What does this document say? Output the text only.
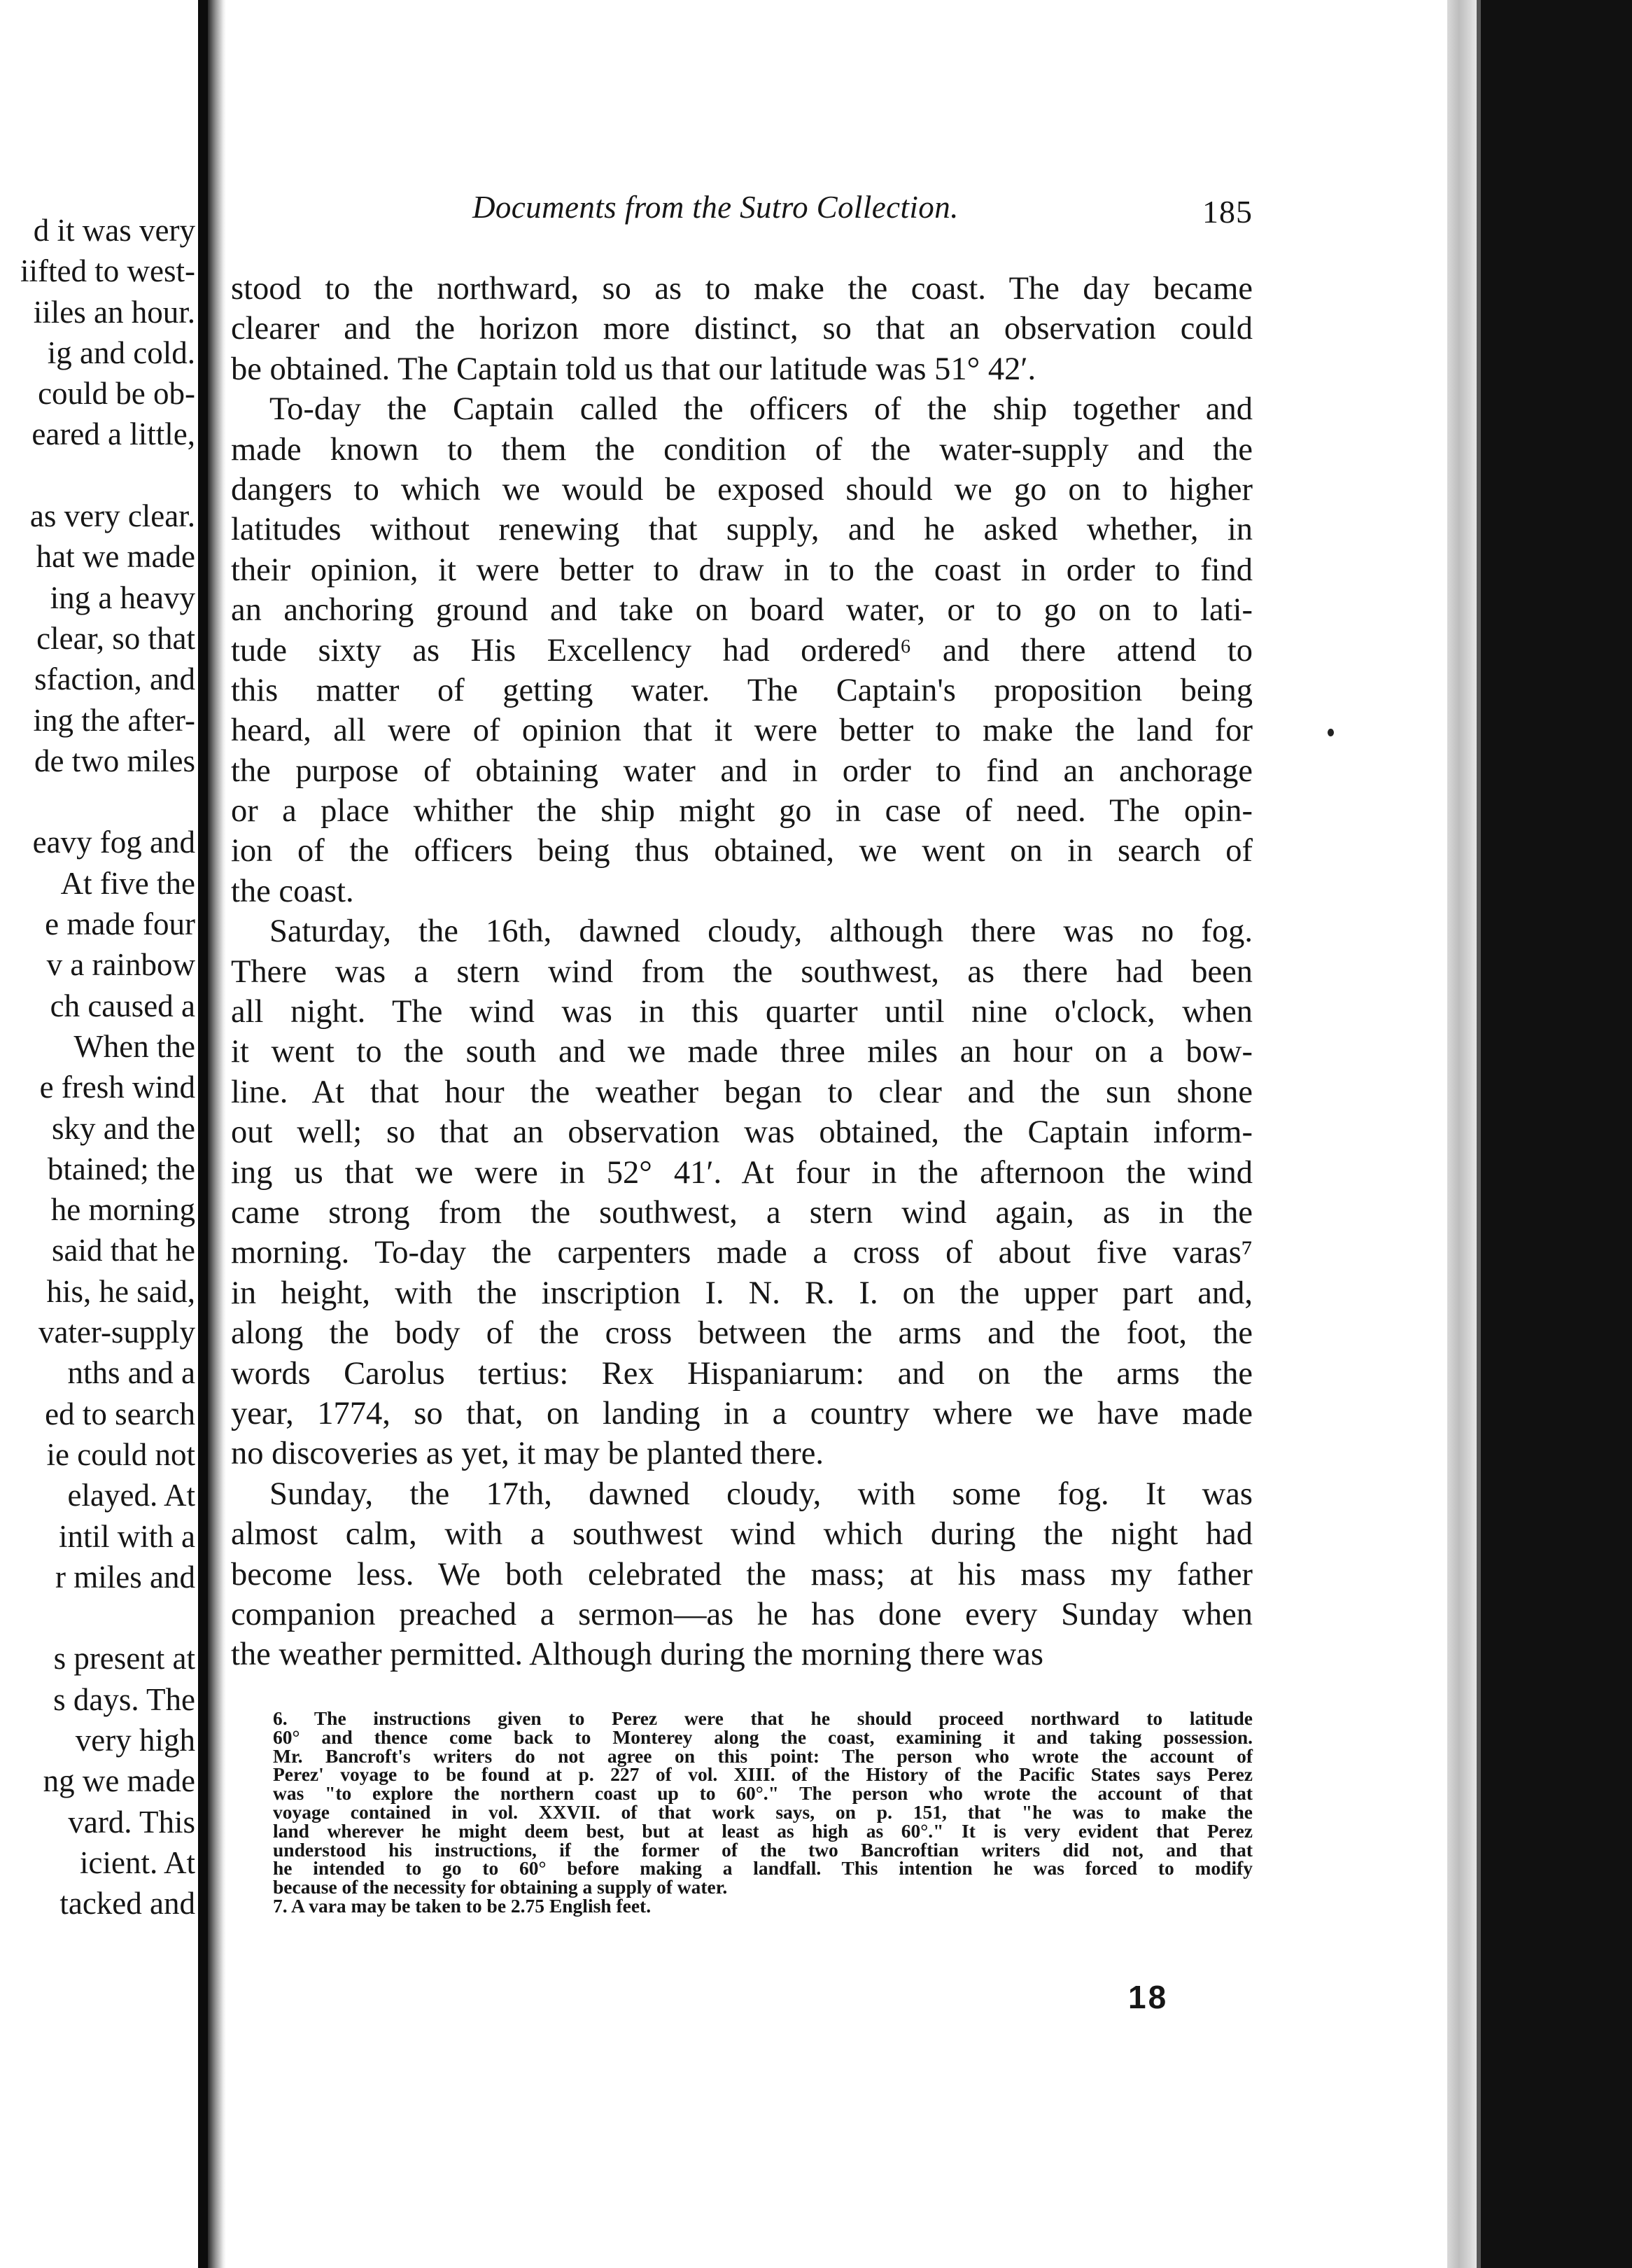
d it was very
iifted to west-
iiles an hour.
ig and cold.
could be ob-
eared a little,

as very clear.
hat we made
ing a heavy
clear, so that
sfaction, and
ing the after-
de two miles

eavy fog and
At five the
e made four
v a rainbow
ch caused a
When the
e fresh wind
sky and the
btained; the
he morning
said that he
his, he said,
vater-supply
nths and a
ed to search
ie could not
elayed. At
intil with a
r miles and

s present at
s days. The
very high
ng we made
vard. This
icient. At
tacked and
Documents from the Sutro Collection.	185
stood to the northward, so as to make the coast. The day became
clearer and the horizon more distinct, so that an observation could
be obtained. The Captain told us that our latitude was 51° 42′.
To-day the Captain called the officers of the ship together and
made known to them the condition of the water-supply and the
dangers to which we would be exposed should we go on to higher
latitudes without renewing that supply, and he asked whether, in
their opinion, it were better to draw in to the coast in order to find
an anchoring ground and take on board water, or to go on to lati-
tude sixty as His Excellency had ordered⁶ and there attend to
this matter of getting water. The Captain's proposition being
heard, all were of opinion that it were better to make the land for
the purpose of obtaining water and in order to find an anchorage
or a place whither the ship might go in case of need. The opin-
ion of the officers being thus obtained, we went on in search of
the coast.
Saturday, the 16th, dawned cloudy, although there was no fog.
There was a stern wind from the southwest, as there had been
all night. The wind was in this quarter until nine o'clock, when
it went to the south and we made three miles an hour on a bow-
line. At that hour the weather began to clear and the sun shone
out well; so that an observation was obtained, the Captain inform-
ing us that we were in 52° 41′. At four in the afternoon the wind
came strong from the southwest, a stern wind again, as in the
morning. To-day the carpenters made a cross of about five varas⁷
in height, with the inscription I. N. R. I. on the upper part and,
along the body of the cross between the arms and the foot, the
words Carolus tertius: Rex Hispaniarum: and on the arms the
year, 1774, so that, on landing in a country where we have made
no discoveries as yet, it may be planted there.
Sunday, the 17th, dawned cloudy, with some fog. It was
almost calm, with a southwest wind which during the night had
become less. We both celebrated the mass; at his mass my father
companion preached a sermon—as he has done every Sunday when
the weather permitted. Although during the morning there was
6. The instructions given to Perez were that he should proceed northward to latitude
60° and thence come back to Monterey along the coast, examining it and taking possession.
Mr. Bancroft's writers do not agree on this point: The person who wrote the account of
Perez' voyage to be found at p. 227 of vol. XIII. of the History of the Pacific States says Perez
was "to explore the northern coast up to 60°." The person who wrote the account of that
voyage contained in vol. XXVII. of that work says, on p. 151, that "he was to make the
land wherever he might deem best, but at least as high as 60°." It is very evident that Perez
understood his instructions, if the former of the two Bancroftian writers did not, and that
he intended to go to 60° before making a landfall. This intention he was forced to modify
because of the necessity for obtaining a supply of water.
7. A vara may be taken to be 2.75 English feet.
18
